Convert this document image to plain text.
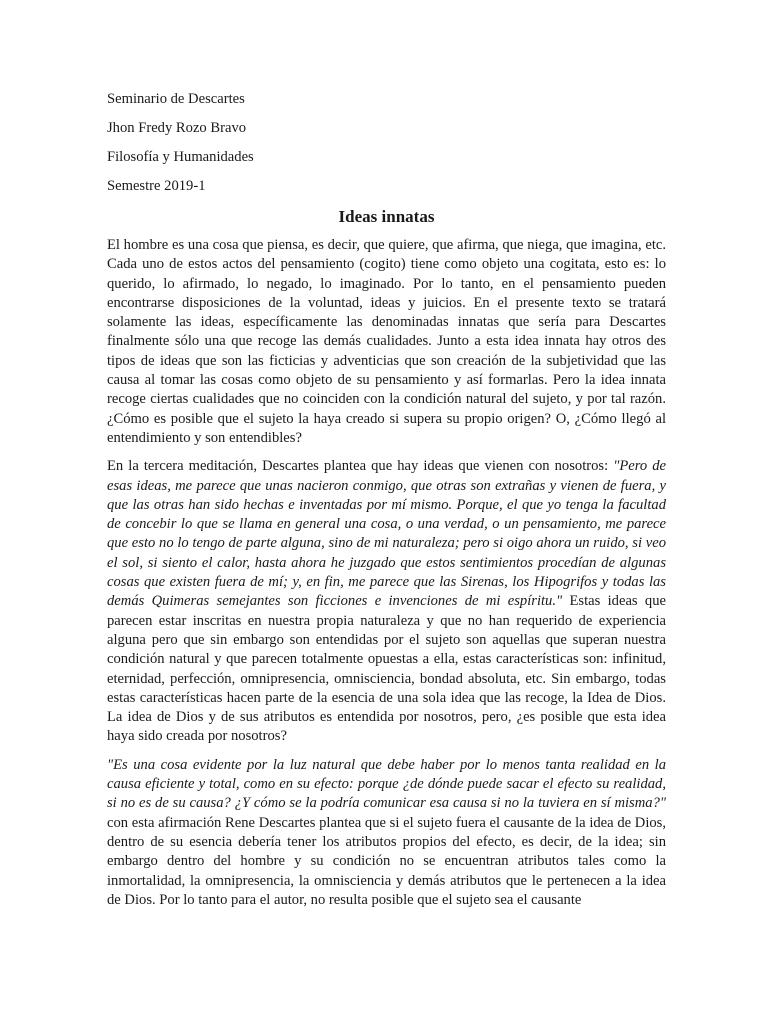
Seminario de Descartes
Jhon Fredy Rozo Bravo
Filosofía y Humanidades
Semestre 2019-1
Ideas innatas

El hombre es una cosa que piensa, es decir, que quiere, que afirma, que niega, que imagina, etc. Cada uno de estos actos del pensamiento (cogito) tiene como objeto una cogitata, esto es: lo querido, lo afirmado, lo negado, lo imaginado. Por lo tanto, en el pensamiento pueden encontrarse disposiciones de la voluntad, ideas y juicios. En el presente texto se tratará solamente las ideas, específicamente las denominadas innatas que sería para Descartes finalmente sólo una que recoge las demás cualidades. Junto a esta idea innata hay otros des tipos de ideas que son las ficticias y adventicias que son creación de la subjetividad que las causa al tomar las cosas como objeto de su pensamiento y así formarlas. Pero la idea innata recoge ciertas cualidades que no coinciden con la condición natural del sujeto, y por tal razón. ¿Cómo es posible que el sujeto la haya creado si supera su propio origen? O, ¿Cómo llegó al entendimiento y son entendibles?

En la tercera meditación, Descartes plantea que hay ideas que vienen con nosotros: "Pero de esas ideas, me parece que unas nacieron conmigo, que otras son extrañas y vienen de fuera, y que las otras han sido hechas e inventadas por mí mismo. Porque, el que yo tenga la facultad de concebir lo que se llama en general una cosa, o una verdad, o un pensamiento, me parece que esto no lo tengo de parte alguna, sino de mi naturaleza; pero si oigo ahora un ruido, si veo el sol, si siento el calor, hasta ahora he juzgado que estos sentimientos procedían de algunas cosas que existen fuera de mí; y, en fin, me parece que las Sirenas, los Hipogrifos y todas las demás Quimeras semejantes son ficciones e invenciones de mi espíritu." Estas ideas que parecen estar inscritas en nuestra propia naturaleza y que no han requerido de experiencia alguna pero que sin embargo son entendidas por el sujeto son aquellas que superan nuestra condición natural y que parecen totalmente opuestas a ella, estas características son: infinitud, eternidad, perfección, omnipresencia, omnisciencia, bondad absoluta, etc. Sin embargo, todas estas características hacen parte de la esencia de una sola idea que las recoge, la Idea de Dios. La idea de Dios y de sus atributos es entendida por nosotros, pero, ¿es posible que esta idea haya sido creada por nosotros?

"Es una cosa evidente por la luz natural que debe haber por lo menos tanta realidad en la causa eficiente y total, como en su efecto: porque ¿de dónde puede sacar el efecto su realidad, si no es de su causa? ¿Y cómo se la podría comunicar esa causa si no la tuviera en sí misma?" con esta afirmación Rene Descartes plantea que si el sujeto fuera el causante de la idea de Dios, dentro de su esencia debería tener los atributos propios del efecto, es decir, de la idea; sin embargo dentro del hombre y su condición no se encuentran atributos tales como la inmortalidad, la omnipresencia, la omnisciencia y demás atributos que le pertenecen a la idea de Dios. Por lo tanto para el autor, no resulta posible que el sujeto sea el causante
